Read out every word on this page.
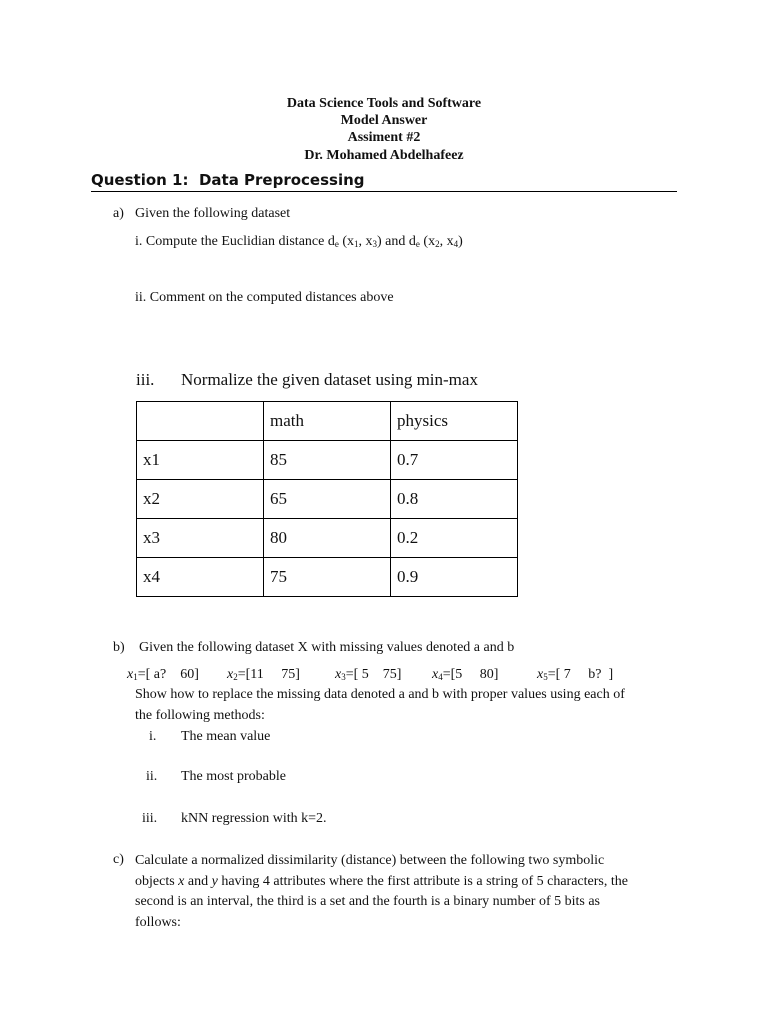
Data Science Tools and Software
Model Answer
Assiment #2
Dr. Mohamed Abdelhafeez
Question 1: Data Preprocessing
a) Given the following dataset
i. Compute the Euclidian distance $d_e$ ($x_1$, $x_3$) and $d_e$ ($x_2$, $x_4$)
ii. Comment on the computed distances above
iii. Normalize the given dataset using min-max
	math	physics
x1	85	0.7
x2	65	0.8
x3	80	0.2
x4	75	0.9
b) Given the following dataset X with missing values denoted a and b
$x_1=$[ a?    60] $x_2=[11$     75]	$x_3=$[ 5    75] $x_4=[5$     80]	$x_5=$[ 7     b?  ]
Show how to replace the missing data denoted a and b with proper values using each of
the following methods:
i. The mean value
ii. The most probable
iii. kNN regression with k=2.
c) Calculate a normalized dissimilarity (distance) between the following two symbolic
objects x and y having 4 attributes where the first attribute is a string of 5 characters, the
second is an interval, the third is a set and the fourth is a binary number of 5 bits as
follows:
